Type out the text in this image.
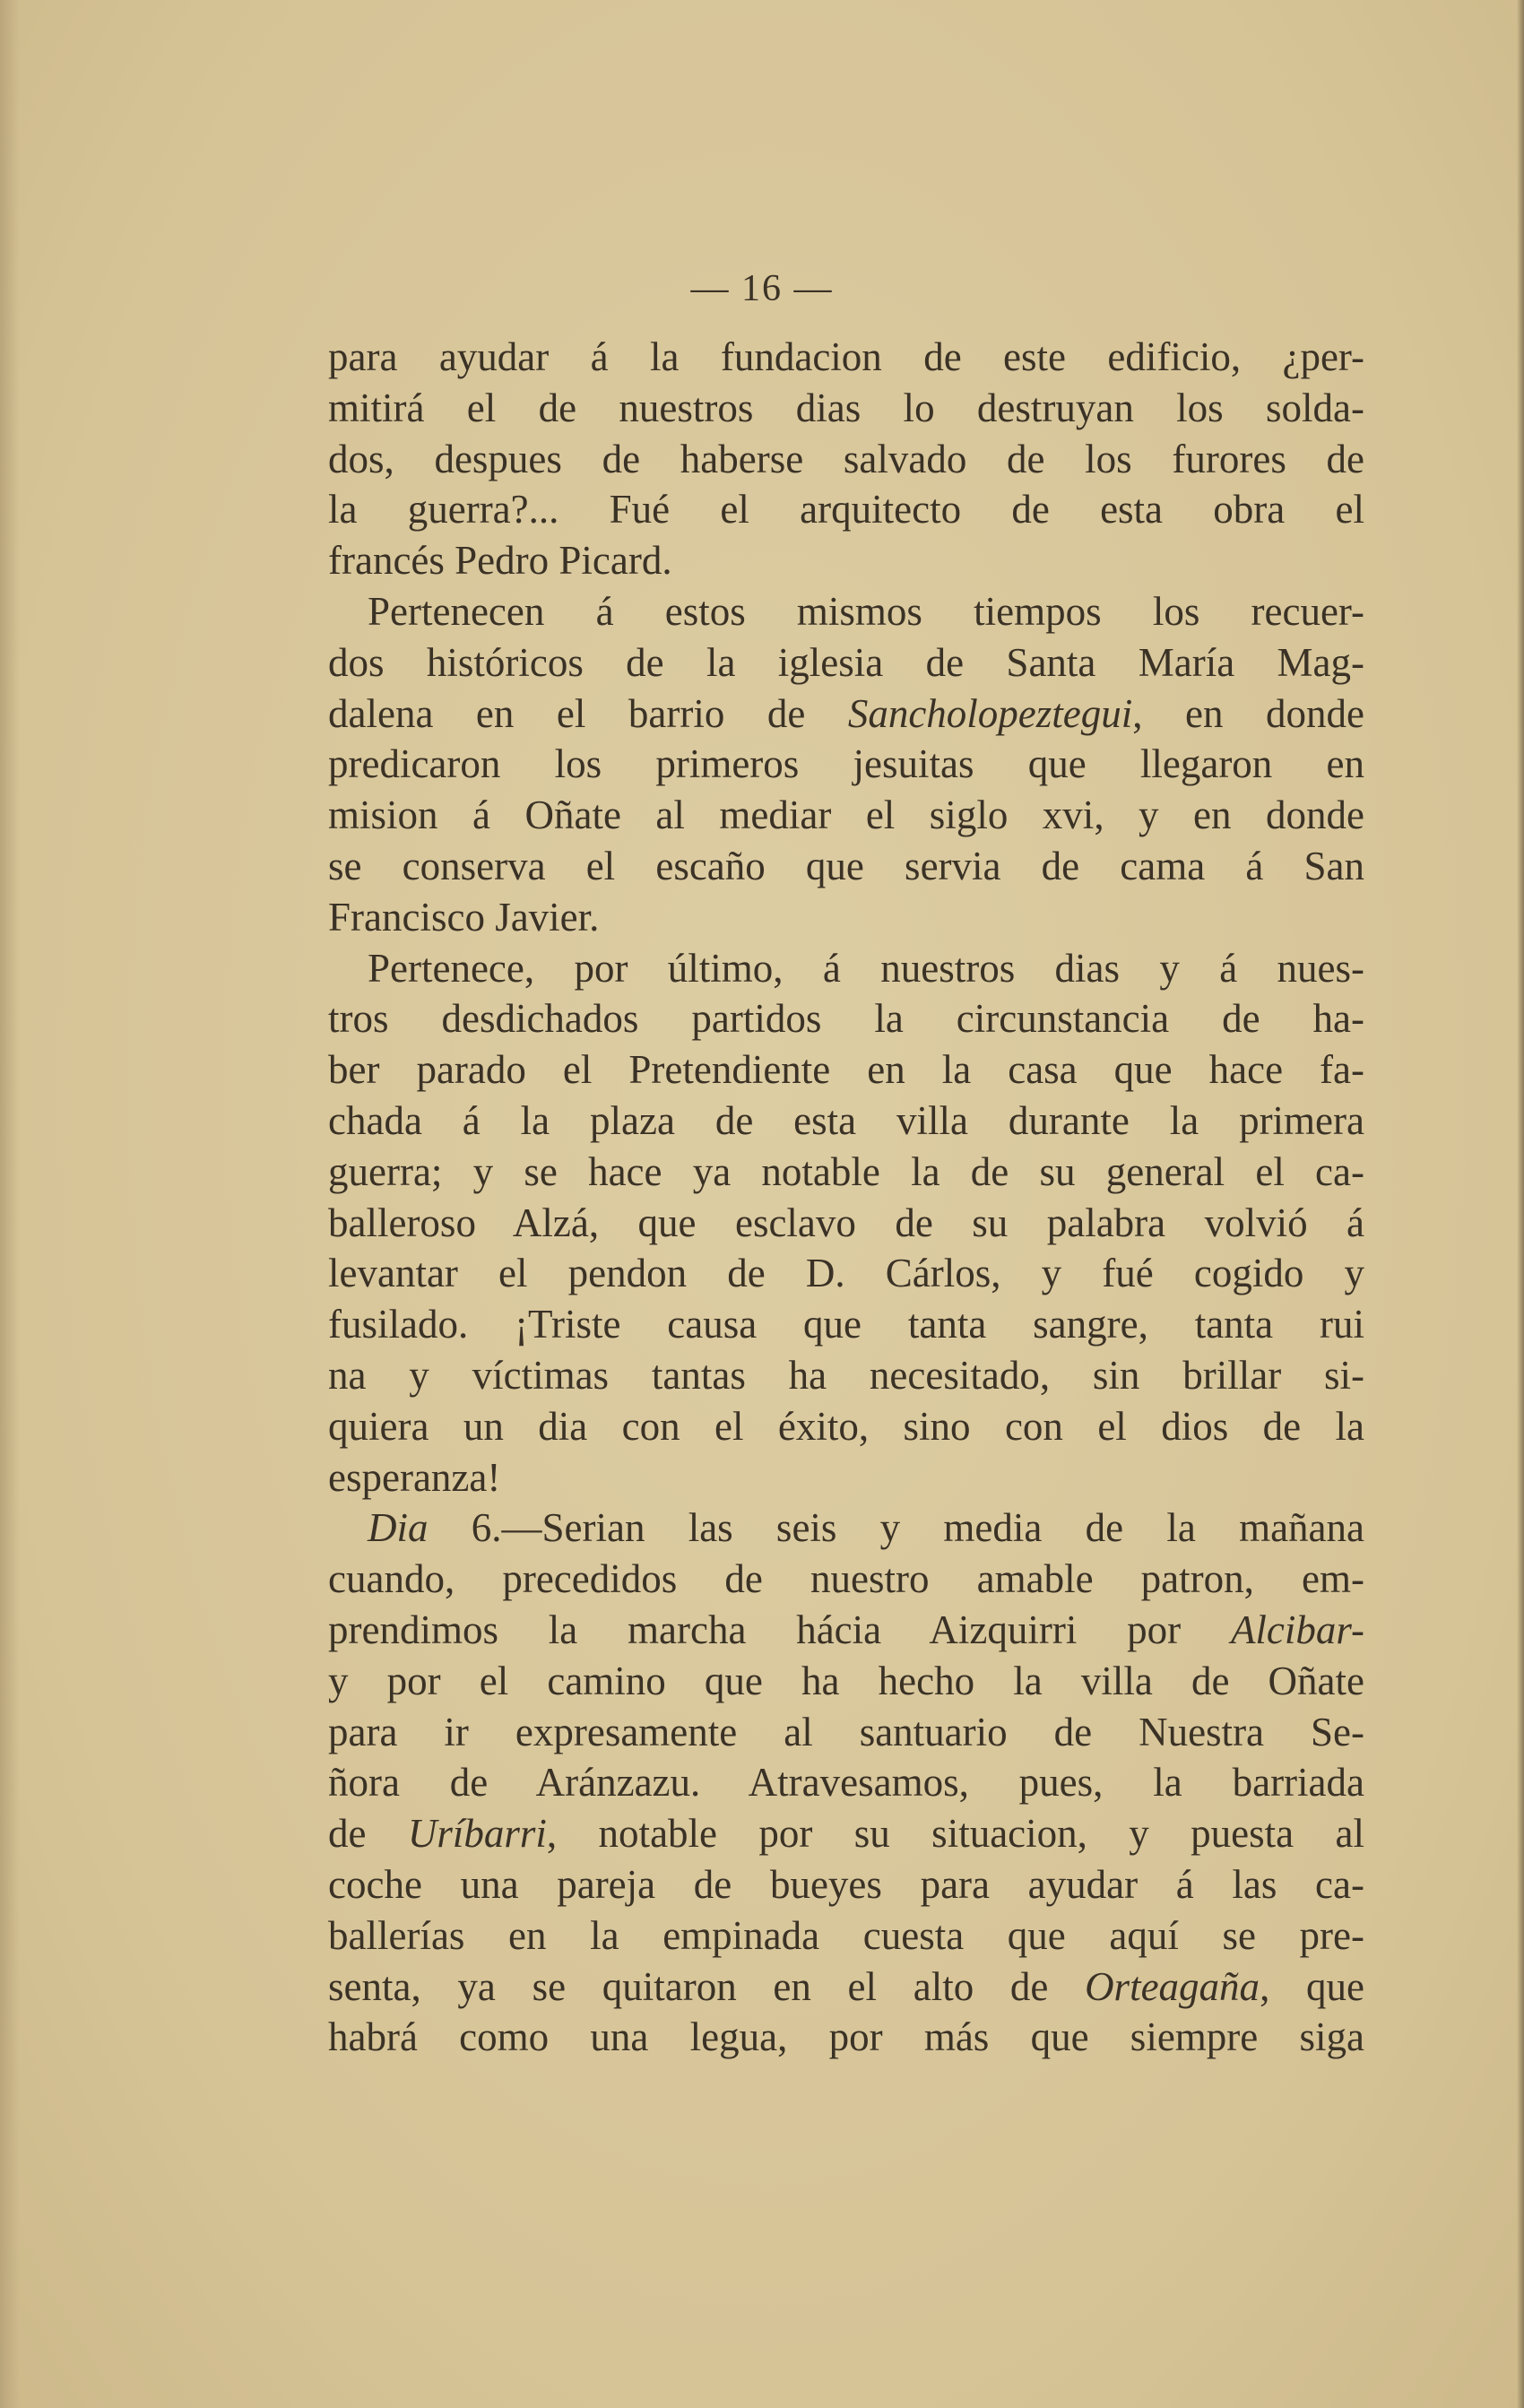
— 16 —
para ayudar á la fundacion de este edificio, ¿per-
mitirá el de nuestros dias lo destruyan los solda-
dos, despues de haberse salvado de los furores de
la guerra?... Fué el arquitecto de esta obra el
francés Pedro Picard.
Pertenecen á estos mismos tiempos los recuer-
dos históricos de la iglesia de Santa María Mag-
dalena en el barrio de Sancholopeztegui, en donde
predicaron los primeros jesuitas que llegaron en
mision á Oñate al mediar el siglo xvi, y en donde
se conserva el escaño que servia de cama á San
Francisco Javier.
Pertenece, por último, á nuestros dias y á nues-
tros desdichados partidos la circunstancia de ha-
ber parado el Pretendiente en la casa que hace fa-
chada á la plaza de esta villa durante la primera
guerra; y se hace ya notable la de su general el ca-
balleroso Alzá, que esclavo de su palabra volvió á
levantar el pendon de D. Cárlos, y fué cogido y
fusilado. ¡Triste causa que tanta sangre, tanta rui
na y víctimas tantas ha necesitado, sin brillar si-
quiera un dia con el éxito, sino con el dios de la
esperanza!
Dia 6.—Serian las seis y media de la mañana
cuando, precedidos de nuestro amable patron, em-
prendimos la marcha hácia Aizquirri por Alcibar-
y por el camino que ha hecho la villa de Oñate
para ir expresamente al santuario de Nuestra Se-
ñora de Aránzazu. Atravesamos, pues, la barriada
de Uríbarri, notable por su situacion, y puesta al
coche una pareja de bueyes para ayudar á las ca-
ballerías en la empinada cuesta que aquí se pre-
senta, ya se quitaron en el alto de Orteagaña, que
habrá como una legua, por más que siempre siga
